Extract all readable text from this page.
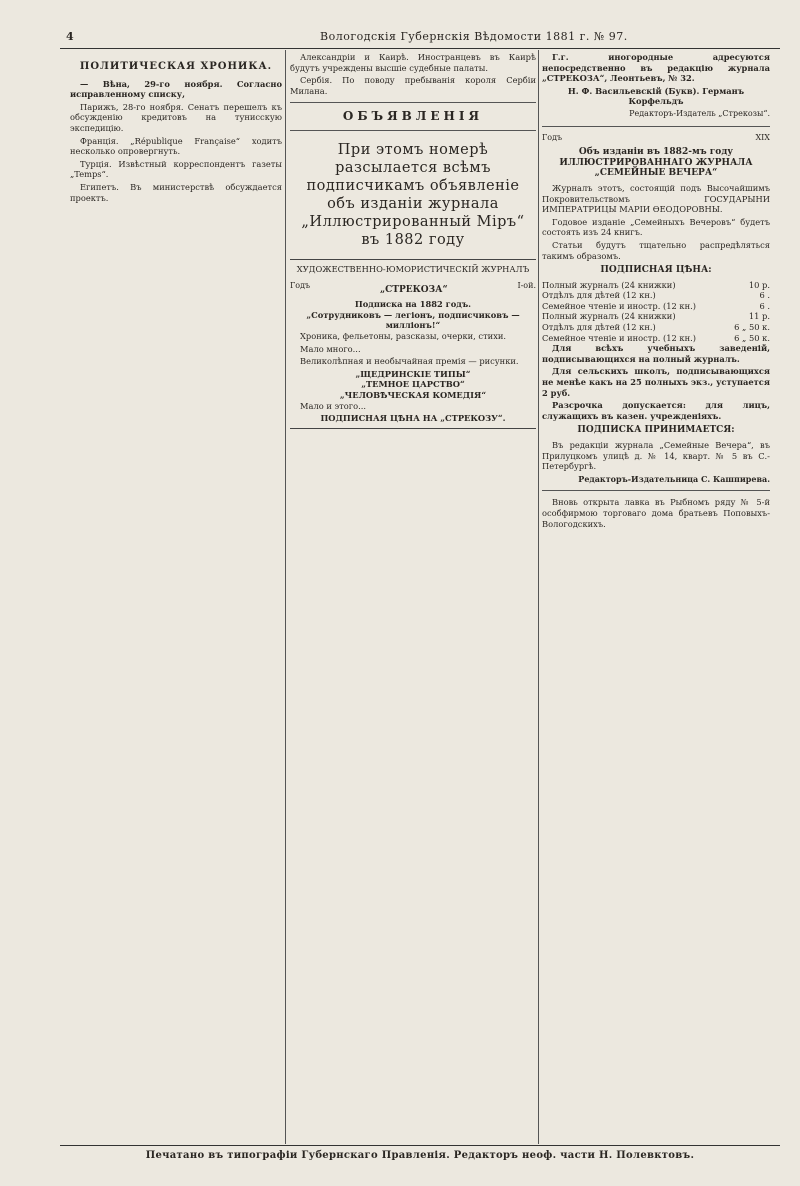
4	Вологодскія Губернскія Вѣдомости 1881 г. № 97.
ПОЛИТИЧЕСКАЯ ХРОНИКА.

— Вѣна, 29-го ноября. Согласно исправленному списку,

Парижъ, 28-го ноября. Сенатъ перешелъ къ обсужденію кредитовъ на тунисскую экспедицію.

Франція. „République Française“ ходитъ несколько опровергнуть.

Турція. Извѣстный корреспондентъ газеты „Temps“.

Египетъ. Въ министерствѣ обсуждается проектъ.

Александріи и Каирѣ. Иностранцевъ въ Каирѣ будутъ учреждены высшіе судебные палаты.

Сербія. По поводу пребыванія короля Сербіи Милана.

ОБЪЯВЛЕНІЯ
При этомъ номерѣ разсылается всѣмъ подписчикамъ объявленіе объ изданіи журнала „Иллюстрированный Міръ“ въ 1882 году
ХУДОЖЕСТВЕННО-ЮМОРИСТИЧЕСКІЙ ЖУРНАЛЪ
Годъ	„СТРЕКОЗА“	I-ой.
Подписка на 1882 годъ.
„Сотрудниковъ — легіонъ, подписчиковъ — милліонъ!“

Хроника, фельетоны, разсказы, очерки, стихи.

Мало много...

Великолѣпная и необычайная премія — рисунки.

„ЩЕДРИНСКІЕ ТИПЫ“
„ТЕМНОЕ ЦАРСТВО“
„ЧЕЛОВѢЧЕСКАЯ КОМЕДІЯ“

Мало и этого...

ПОДПИСНАЯ ЦѢНА НА „СТРЕКОЗУ“.

Г.г. иногородные адресуются непосредственно въ редакцію журнала „СТРЕКОЗА“, Леонтьевъ, № 32.

Н. Ф. Васильевскій (Букв). Германъ Корфельдъ

Редакторъ-Издатель „Стрекозы“.
Годъ	XIX
Объ изданіи въ 1882-мъ году ИЛЛЮСТРИРОВАННАГО ЖУРНАЛА „СЕМЕЙНЫЕ ВЕЧЕРА“

Журналъ этотъ, состоящій подъ Высочайшимъ Покровительствомъ ГОСУДАРЫНИ ИМПЕРАТРИЦЫ МАРІИ ѲЕОДОРОВНЫ.

Годовое изданіе „Семейныхъ Вечеровъ“ будетъ состоять изъ 24 книгъ.

Статьи будутъ тщательно распредѣляться такимъ образомъ.

ПОДПИСНАЯ ЦѢНА:
Полный журналъ (24 книжки)	10 р.
Отдѣлъ для дѣтей (12 кн.)	6 .
Семейное чтеніе и иностр. (12 кн.)	6 .
Полный журналъ (24 книжки)	11 р.
Отдѣлъ для дѣтей (12 кн.)	6 „ 50 к.
Семейное чтеніе и иностр. (12 кн.)	6 „ 50 к.

Для всѣхъ учебныхъ заведеній, подписывающихся на полный журналъ.

Для сельскихъ школъ, подписывающихся не менѣе какъ на 25 полныхъ экз., уступается 2 руб.

Разсрочка допускается: для лицъ, служащихъ въ казен. учрежденіяхъ.

ПОДПИСКА ПРИНИМАЕТСЯ:

Въ редакціи журнала „Семейные Вечера“, въ Прилуцкомъ улицѣ д. № 14, кварт. № 5 въ С.-Петербургѣ.

Редакторъ-Издательница С. Кашпирева.

Вновь открыта лавка въ Рыбномъ ряду № 5-й особфирмою торговаго дома братьевъ Поповыхъ-Вологодскихъ.

Печатано въ типографіи Губернскаго Правленія. Редакторъ неоф. части Н. Полевктовъ.
